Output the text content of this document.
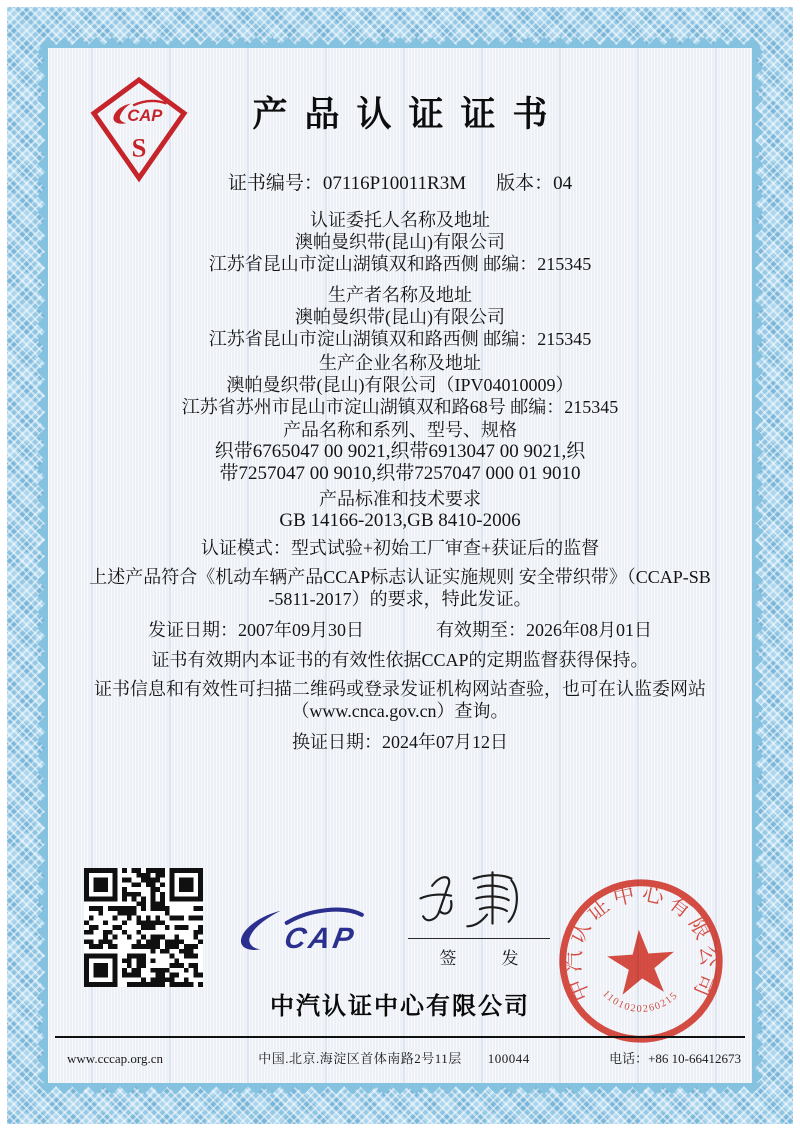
CAP
S
产品认证证书
证书编号：07116P10011R3M 版本：04
认证委托人名称及地址
澳帕曼织带(昆山)有限公司
江苏省昆山市淀山湖镇双和路西侧 邮编：215345
生产者名称及地址
澳帕曼织带(昆山)有限公司
江苏省昆山市淀山湖镇双和路西侧 邮编：215345
生产企业名称及地址
澳帕曼织带(昆山)有限公司（IPV04010009）
江苏省苏州市昆山市淀山湖镇双和路68号 邮编：215345
产品名称和系列、型号、规格
织带6765047 00 9021,织带6913047 00 9021,织
带7257047 00 9010,织带7257047 000 01 9010
产品标准和技术要求
GB 14166-2013,GB 8410-2006
认证模式：型式试验+初始工厂审查+获证后的监督
上述产品符合《机动车辆产品CCAP标志认证实施规则 安全带织带》（CCAP-SB
-5811-2017）的要求，特此发证。
发证日期：2007年09月30日	有效期至：2026年08月01日
证书有效期内本证书的有效性依据CCAP的定期监督获得保持。
证书信息和有效性可扫描二维码或登录发证机构网站查验，也可在认监委网站
（www.cnca.gov.cn）查询。
换证日期：2024年07月12日
CAP
签　发
中汽认证中心有限公司
1101020260215
中汽认证中心有限公司
www.cccap.org.cn	中国.北京.海淀区首体南路2号11层 100044	电话：+86 10-66412673
